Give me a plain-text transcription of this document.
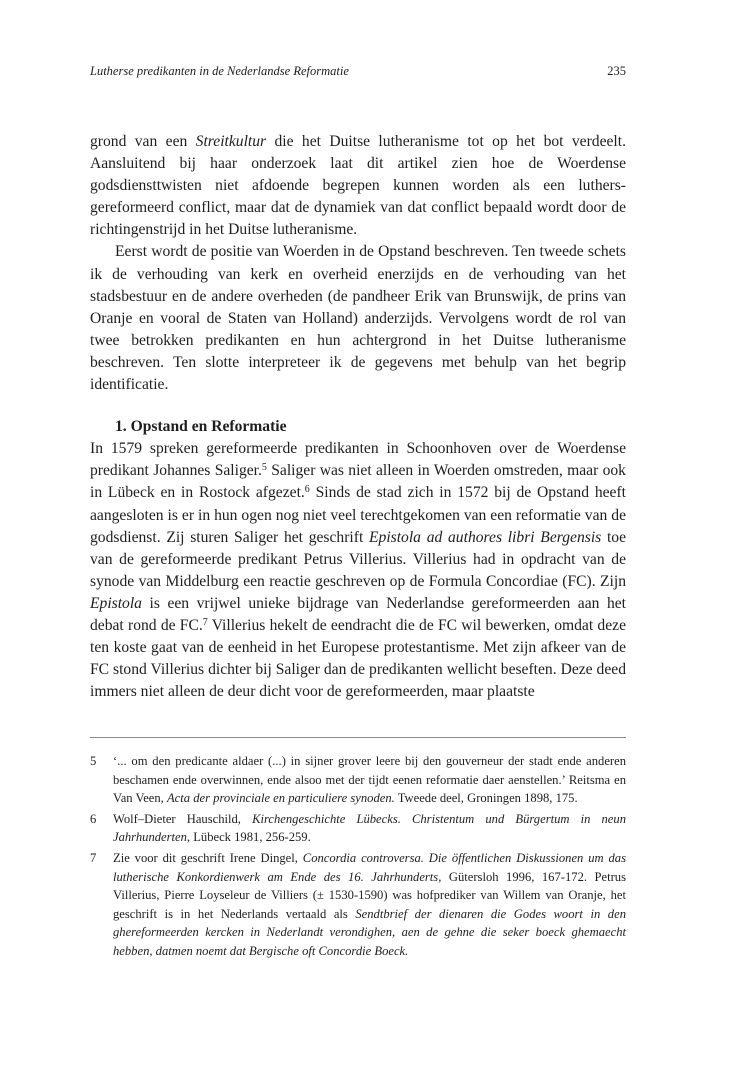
Lutherse predikanten in de Nederlandse Reformatie	235

grond van een Streitkultur die het Duitse lutheranisme tot op het bot verdeelt. Aansluitend bij haar onderzoek laat dit artikel zien hoe de Woerdense godsdiensttwisten niet afdoende begrepen kunnen worden als een luthers-gereformeerd conflict, maar dat de dynamiek van dat conflict bepaald wordt door de richtingenstrijd in het Duitse lutheranisme.

Eerst wordt de positie van Woerden in de Opstand beschreven. Ten tweede schets ik de verhouding van kerk en overheid enerzijds en de verhouding van het stadsbestuur en de andere overheden (de pandheer Erik van Brunswijk, de prins van Oranje en vooral de Staten van Holland) anderzijds. Vervolgens wordt de rol van twee betrokken predikanten en hun achtergrond in het Duitse lutheranisme beschreven. Ten slotte interpreteer ik de gegevens met behulp van het begrip identificatie.

1. Opstand en Reformatie

In 1579 spreken gereformeerde predikanten in Schoonhoven over de Woerdense predikant Johannes Saliger.$^5$ Saliger was niet alleen in Woerden omstreden, maar ook in Lübeck en in Rostock afgezet.$^6$ Sinds de stad zich in 1572 bij de Opstand heeft aangesloten is er in hun ogen nog niet veel terechtgekomen van een reformatie van de godsdienst. Zij sturen Saliger het geschrift Epistola ad authores libri Bergensis toe van de gereformeerde predikant Petrus Villerius. Villerius had in opdracht van de synode van Middelburg een reactie geschreven op de Formula Concordiae (FC). Zijn Epistola is een vrijwel unieke bijdrage van Nederlandse gereformeerden aan het debat rond de FC.$^7$ Villerius hekelt de eendracht die de FC wil bewerken, omdat deze ten koste gaat van de eenheid in het Europese protestantisme. Met zijn afkeer van de FC stond Villerius dichter bij Saliger dan de predikanten wellicht beseften. Deze deed immers niet alleen de deur dicht voor de gereformeerden, maar plaatste

5	‘... om den predicante aldaer (...) in sijner grover leere bij den gouverneur der stadt ende anderen beschamen ende overwinnen, ende alsoo met der tijdt eenen reformatie daer aenstellen.’ Reitsma en Van Veen, Acta der provinciale en particuliere synoden. Tweede deel, Groningen 1898, 175.
6	Wolf–Dieter Hauschild, Kirchengeschichte Lübecks. Christentum und Bürgertum in neun Jahrhunderten, Lübeck 1981, 256-259.
7	Zie voor dit geschrift Irene Dingel, Concordia controversa. Die öffentlichen Diskussionen um das lutherische Konkordienwerk am Ende des 16. Jahrhunderts, Gütersloh 1996, 167-172. Petrus Villerius, Pierre Loyseleur de Villiers (± 1530-1590) was hofprediker van Willem van Oranje, het geschrift is in het Nederlands vertaald als Sendtbrief der dienaren die Godes woort in den ghereformeerden kercken in Nederlandt verondighen, aen de gehne die seker boeck ghemaecht hebben, datmen noemt dat Bergische oft Concordie Boeck.
